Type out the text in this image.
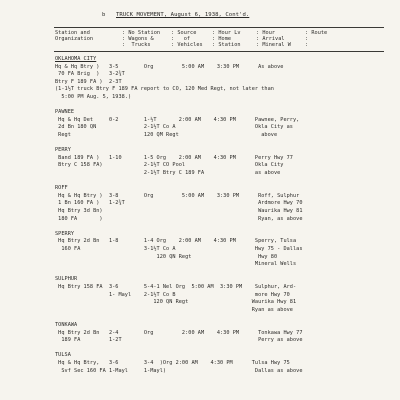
b TRUCK MOVEMENT, August 6, 1938, Cont'd.
Station and
Organization
: No Station
: Wagons &
:  Trucks
: Source
:   of
: Vehicles
: Hour Lv
: Home
: Station
: Hour
: Arrival
: Mineral W
: Route
:
:
OKLAHOMA CITY
Hq & Hq Btry )   3-5        Org         5:00 AM    3:30 PM      As above
70 FA Brig  )   3-2¾T
Btry F 189 FA )  2-3T
(1-1½T truck Btry F 189 FA report to CO, 120 Med Regt, not later than
5:00 PM Aug. 5, 1938.)
PAWNEE
Hq & Hq Det     0-2        1-½T       2:00 AM    4:30 PM      Pawnee, Perry,
2d Bn 180 QN               2-1½T Co A                         Okla City as
Regt                       120 QM Regt                          above
PERRY
Band 189 FA )   1-10       1-5 Org    2:00 AM    4:30 PM      Perry Hwy 77
Btry C 158 FA)             2-1½T CO Pool                      Okla City
2-1½T Btry C 189 FA                as above
ROFF
Hq & Hq Btry )  3-8        Org         5:00 AM    3:30 PM      Roff, Sulphur
1 Bn 160 FA )   1-2¾T                                          Ardmore Hwy 70
Hq Btry 3d Bn)                                                 Waurika Hwy 81
180 FA       )                                                 Ryan, as above
SPERRY
Hq Btry 2d Bn   1-8        1-4 Org    2:00 AM    4:30 PM      Sperry, Tulsa
160 FA                    3-1½T Co A                         Hwy 75 - Dallas
120 QN Regt                     Hwy 80
Mineral Wells
SULPHUR
Hq Btry 158 FA  3-6        5-4-1 Nel Org  5:00 AM  3:30 PM    Sulphur, Ard-
1- Mayl    2-1½T Co B                         more Hwy 70
120 QN Regt                    Waurika Hwy 81
Ryan as above
TONKAWA
Hq Btry 2d Bn   2-4        Org         2:00 AM    4:30 PM      Tonkawa Hwy 77
189 FA         1-2T                                           Perry as above
TULSA
Hq & Hq Btry,   3-6        3-4  )Org 2:00 AM    4:30 PM      Tulsa Hwy 75
Svf Sec 160 FA 1-Mayl     1-Mayl)                            Dallas as above
